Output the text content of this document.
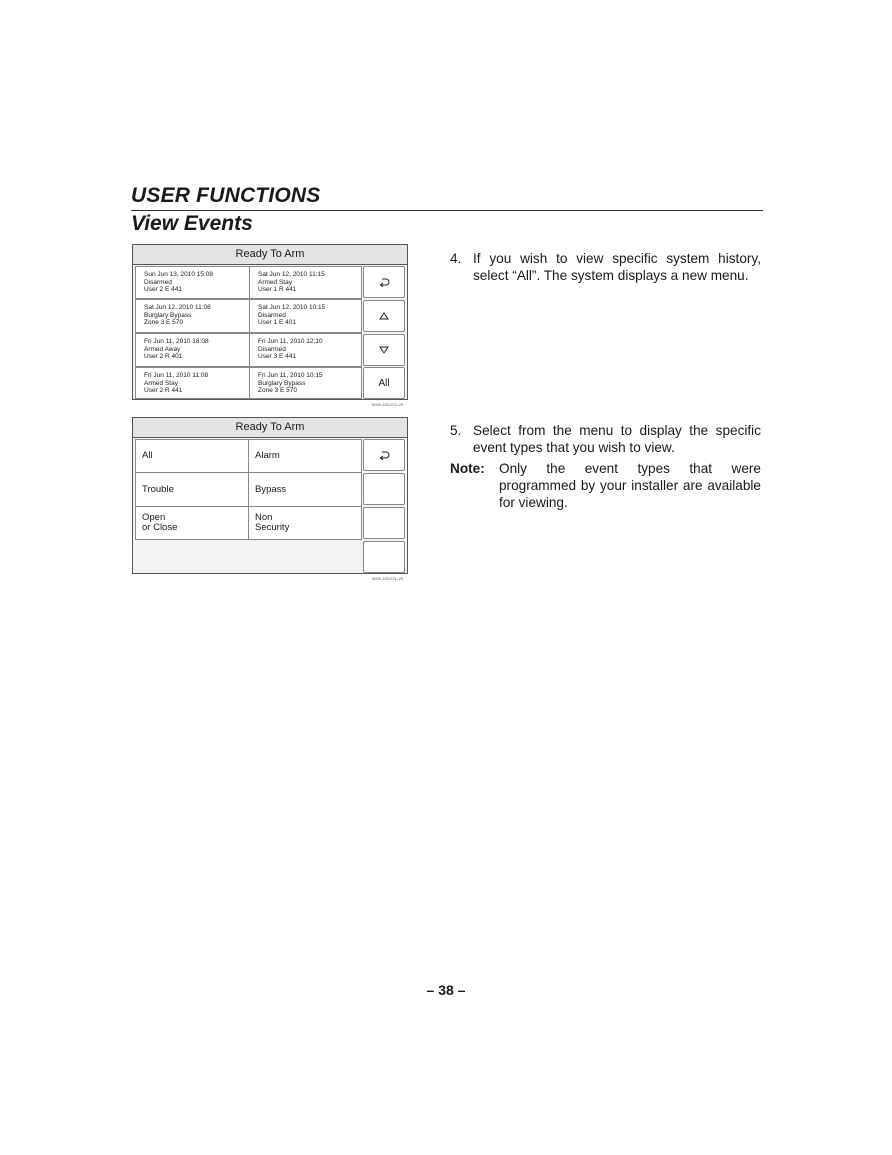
USER FUNCTIONS
View Events
Ready To Arm
Sun Jun 13, 2010 15:08
Disarmed
User 2 E 441
Sat Jun 12, 2010 11:15
Armed Stay
User 1 R 441
Sat Jun 12, 2010 11:08
Burglary Bypass
Zone 3 E 570
Sat Jun 12, 2010 10:15
Disarmed
User 1 E 401
Fri Jun 11, 2010 18:08
Armed Away
User 2 R 401
Fri Jun 11, 2010 12:10
Disarmed
User 3 E 441
Fri Jun 11, 2010 11:08
Armed Stay
User 2 R 441
Fri Jun 11, 2010 10:15
Burglary Bypass
Zone 3 E 570
All
5000-100-072-V0
Ready To Arm
All	Alarm
Trouble	Bypass
Open
or Close
Non
Security
5000-100-071-V0
4. If you wish to view specific system history, select “All”. The system displays a new menu.
5. Select from the menu to display the specific event types that you wish to view.
Note: Only the event types that were programmed by your installer are available for viewing.
– 38 –
